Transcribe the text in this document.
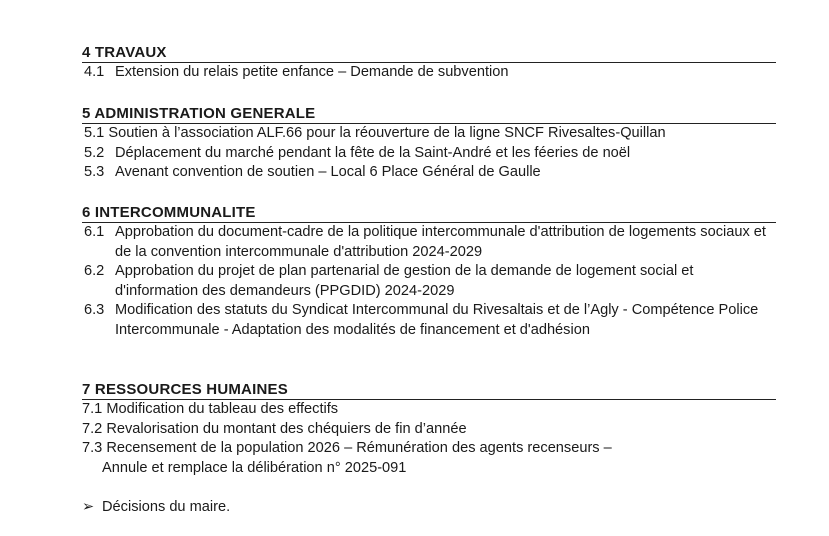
4 TRAVAUX
4.1 Extension du relais petite enfance – Demande de subvention
5 ADMINISTRATION GENERALE
5.1 Soutien à l’association ALF.66 pour la réouverture de la ligne SNCF Rivesaltes-Quillan
5.2 Déplacement du marché pendant la fête de la Saint-André et les féeries de noël
5.3 Avenant convention de soutien – Local 6 Place Général de Gaulle
6 INTERCOMMUNALITE
6.1 Approbation du document-cadre de la politique intercommunale d'attribution de logements sociaux et de la convention intercommunale d'attribution 2024-2029
6.2 Approbation du projet de plan partenarial de gestion de la demande de logement social et d'information des demandeurs (PPGDID) 2024-2029
6.3 Modification des statuts du Syndicat Intercommunal du Rivesaltais et de l’Agly - Compétence Police Intercommunale - Adaptation des modalités de financement et d'adhésion
7 RESSOURCES HUMAINES
7.1 Modification du tableau des effectifs
7.2 Revalorisation du montant des chéquiers de fin d’année
7.3 Recensement de la population 2026 – Rémunération des agents recenseurs –
Annule et remplace la délibération n° 2025-091
➢ Décisions du maire.
